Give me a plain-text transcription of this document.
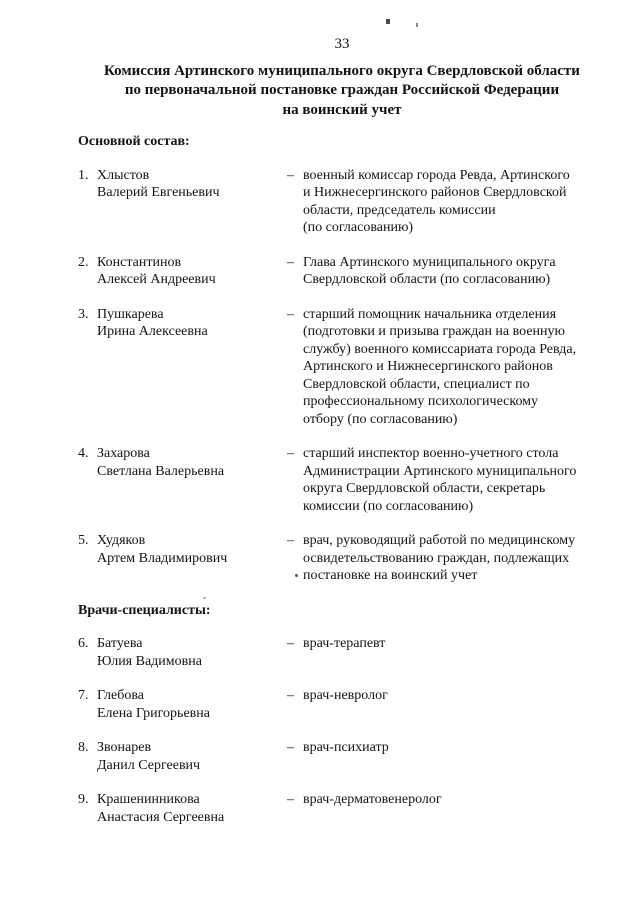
33
Комиссия Артинского муниципального округа Свердловской области
по первоначальной постановке граждан Российской Федерации
на воинский учет
Основной состав:
1. Хлыстов
Валерий Евгеньевич
– военный комиссар города Ревда, Артинского
и Нижнесергинского районов Свердловской
области, председатель комиссии
(по согласованию)
2. Константинов
Алексей Андреевич
– Глава Артинского муниципального округа
Свердловской области (по согласованию)
3. Пушкарева
Ирина Алексеевна
– старший помощник начальника отделения
(подготовки и призыва граждан на военную
службу) военного комиссариата города Ревда,
Артинского и Нижнесергинского районов
Свердловской области, специалист по
профессиональному психологическому
отбору (по согласованию)
4. Захарова
Светлана Валерьевна
– старший инспектор военно-учетного стола
Администрации Артинского муниципального
округа Свердловской области, секретарь
комиссии (по согласованию)
5. Худяков
Артем Владимирович
– врач, руководящий работой по медицинскому
освидетельствованию граждан, подлежащих
постановке на воинский учет
Врачи-специалисты:
6. Батуева
Юлия Вадимовна
– врач-терапевт
7. Глебова
Елена Григорьевна
– врач-невролог
8. Звонарев
Данил Сергеевич
– врач-психиатр
9. Крашенинникова
Анастасия Сергеевна
– врач-дерматовенеролог
